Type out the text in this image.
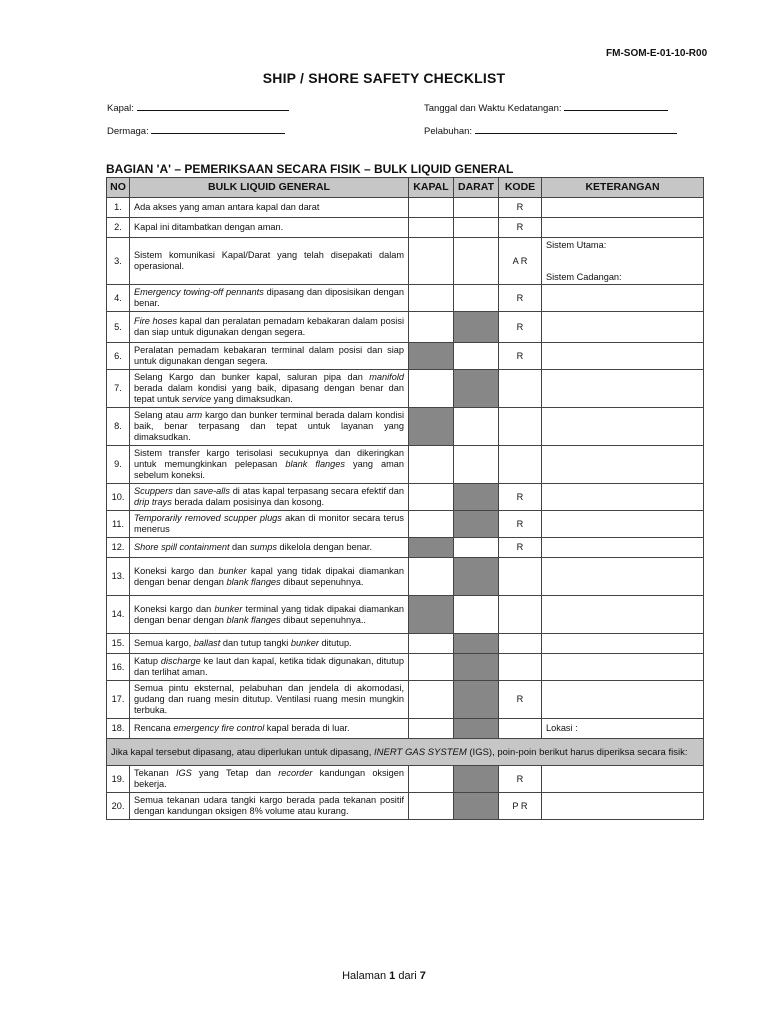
FM-SOM-E-01-10-R00
SHIP / SHORE SAFETY CHECKLIST
Kapal:	Tanggal dan Waktu Kedatangan:
Dermaga:	Pelabuhan:
BAGIAN 'A' – PEMERIKSAAN SECARA FISIK – BULK LIQUID GENERAL
NO	BULK LIQUID GENERAL	KAPAL	DARAT	KODE	KETERANGAN
1.	Ada akses yang aman antara kapal dan darat			R	
2.	Kapal ini ditambatkan dengan aman.			R	
3.	Sistem komunikasi Kapal/Darat yang telah disepakati dalam operasional.			A R	Sistem Utama:
Sistem Cadangan:

4.	Emergency towing-off pennants dipasang dan diposisikan dengan benar.			R	
5.	Fire hoses kapal dan peralatan pemadam kebakaran dalam posisi dan siap untuk digunakan dengan segera.			R	
6.	Peralatan pemadam kebakaran terminal dalam posisi dan siap untuk digunakan dengan segera.			R	
7.	Selang Kargo dan bunker kapal, saluran pipa dan manifold berada dalam kondisi yang baik, dipasang dengan benar dan tepat untuk service yang dimaksudkan.				
8.	Selang atau arm kargo dan bunker terminal berada dalam kondisi baik, benar terpasang dan tepat untuk layanan yang dimaksudkan.				
9.	Sistem transfer kargo terisolasi secukupnya dan dikeringkan untuk memungkinkan pelepasan blank flanges yang aman sebelum koneksi.				
10.	Scuppers dan save-alls di atas kapal terpasang secara efektif dan drip trays berada dalam posisinya dan kosong.			R	
11.	Temporarily removed scupper plugs akan di monitor secara terus menerus			R	
12.	Shore spill containment dan sumps dikelola dengan benar.			R	
13.	Koneksi kargo dan bunker kapal yang tidak dipakai diamankan dengan benar dengan blank flanges dibaut sepenuhnya.				
14.	Koneksi kargo dan bunker terminal yang tidak dipakai diamankan dengan benar dengan blank flanges dibaut sepenuhnya..				
15.	Semua kargo, ballast dan tutup tangki bunker ditutup.				
16.	Katup discharge ke laut dan kapal, ketika tidak digunakan, ditutup dan terlihat aman.				
17.	Semua pintu eksternal, pelabuhan dan jendela di akomodasi, gudang dan ruang mesin ditutup. Ventilasi ruang mesin mungkin terbuka.			R	
18.	Rencana emergency fire control kapal berada di luar.				Lokasi :
Jika kapal tersebut dipasang, atau diperlukan untuk dipasang, INERT GAS SYSTEM (IGS), poin-poin berikut harus diperiksa secara fisik:					
19.	Tekanan IGS yang Tetap dan recorder kandungan oksigen bekerja.			R	
20.	Semua tekanan udara tangki kargo berada pada tekanan positif dengan kandungan oksigen 8% volume atau kurang.			P R	
Halaman 1 dari 7
